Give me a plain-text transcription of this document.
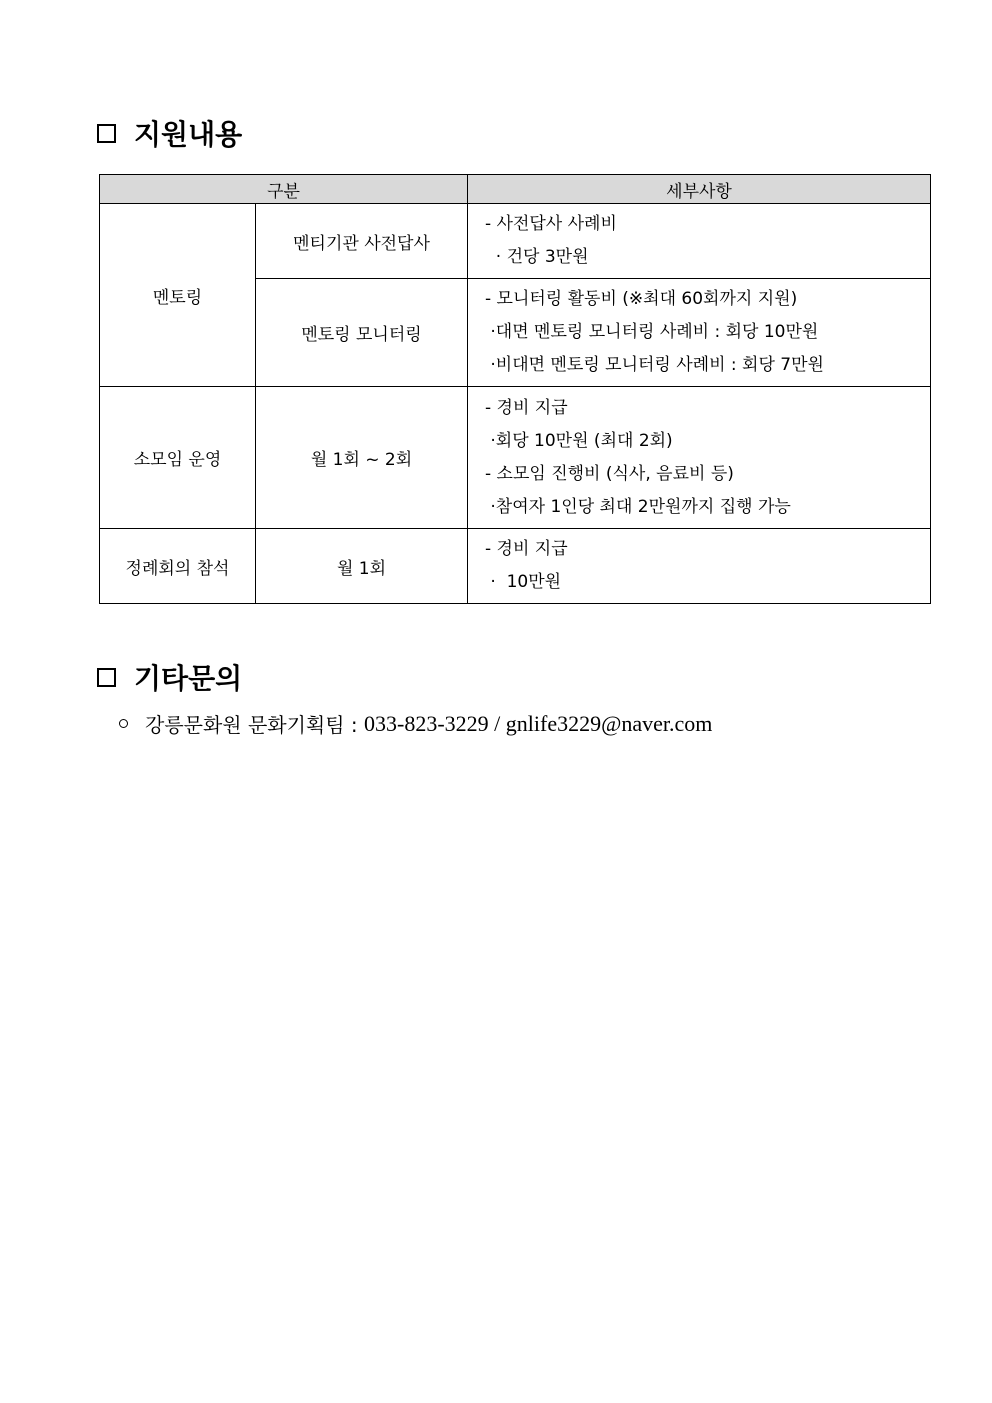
지원내용
구분		세부사항
멘토링	멘티기관 사전답사	- 사전답사 사례비
· 건당 3만원

	멘토링 모니터링	- 모니터링 활동비 (※최대 60회까지 지원)
·대면 멘토링 모니터링 사례비 : 회당 10만원
·비대면 멘토링 모니터링 사례비 : 회당 7만원

소모임 운영	월 1회 ~ 2회	- 경비 지급
·회당 10만원 (최대 2회)
- 소모임 진행비 (식사, 음료비 등)
·참여자 1인당 최대 2만원까지 집행 가능

정례회의 참석	월 1회	- 경비 지급
·  10만원
기타문의
강릉문화원 문화기획팀 : 033-823-3229 / gnlife3229@naver.com
